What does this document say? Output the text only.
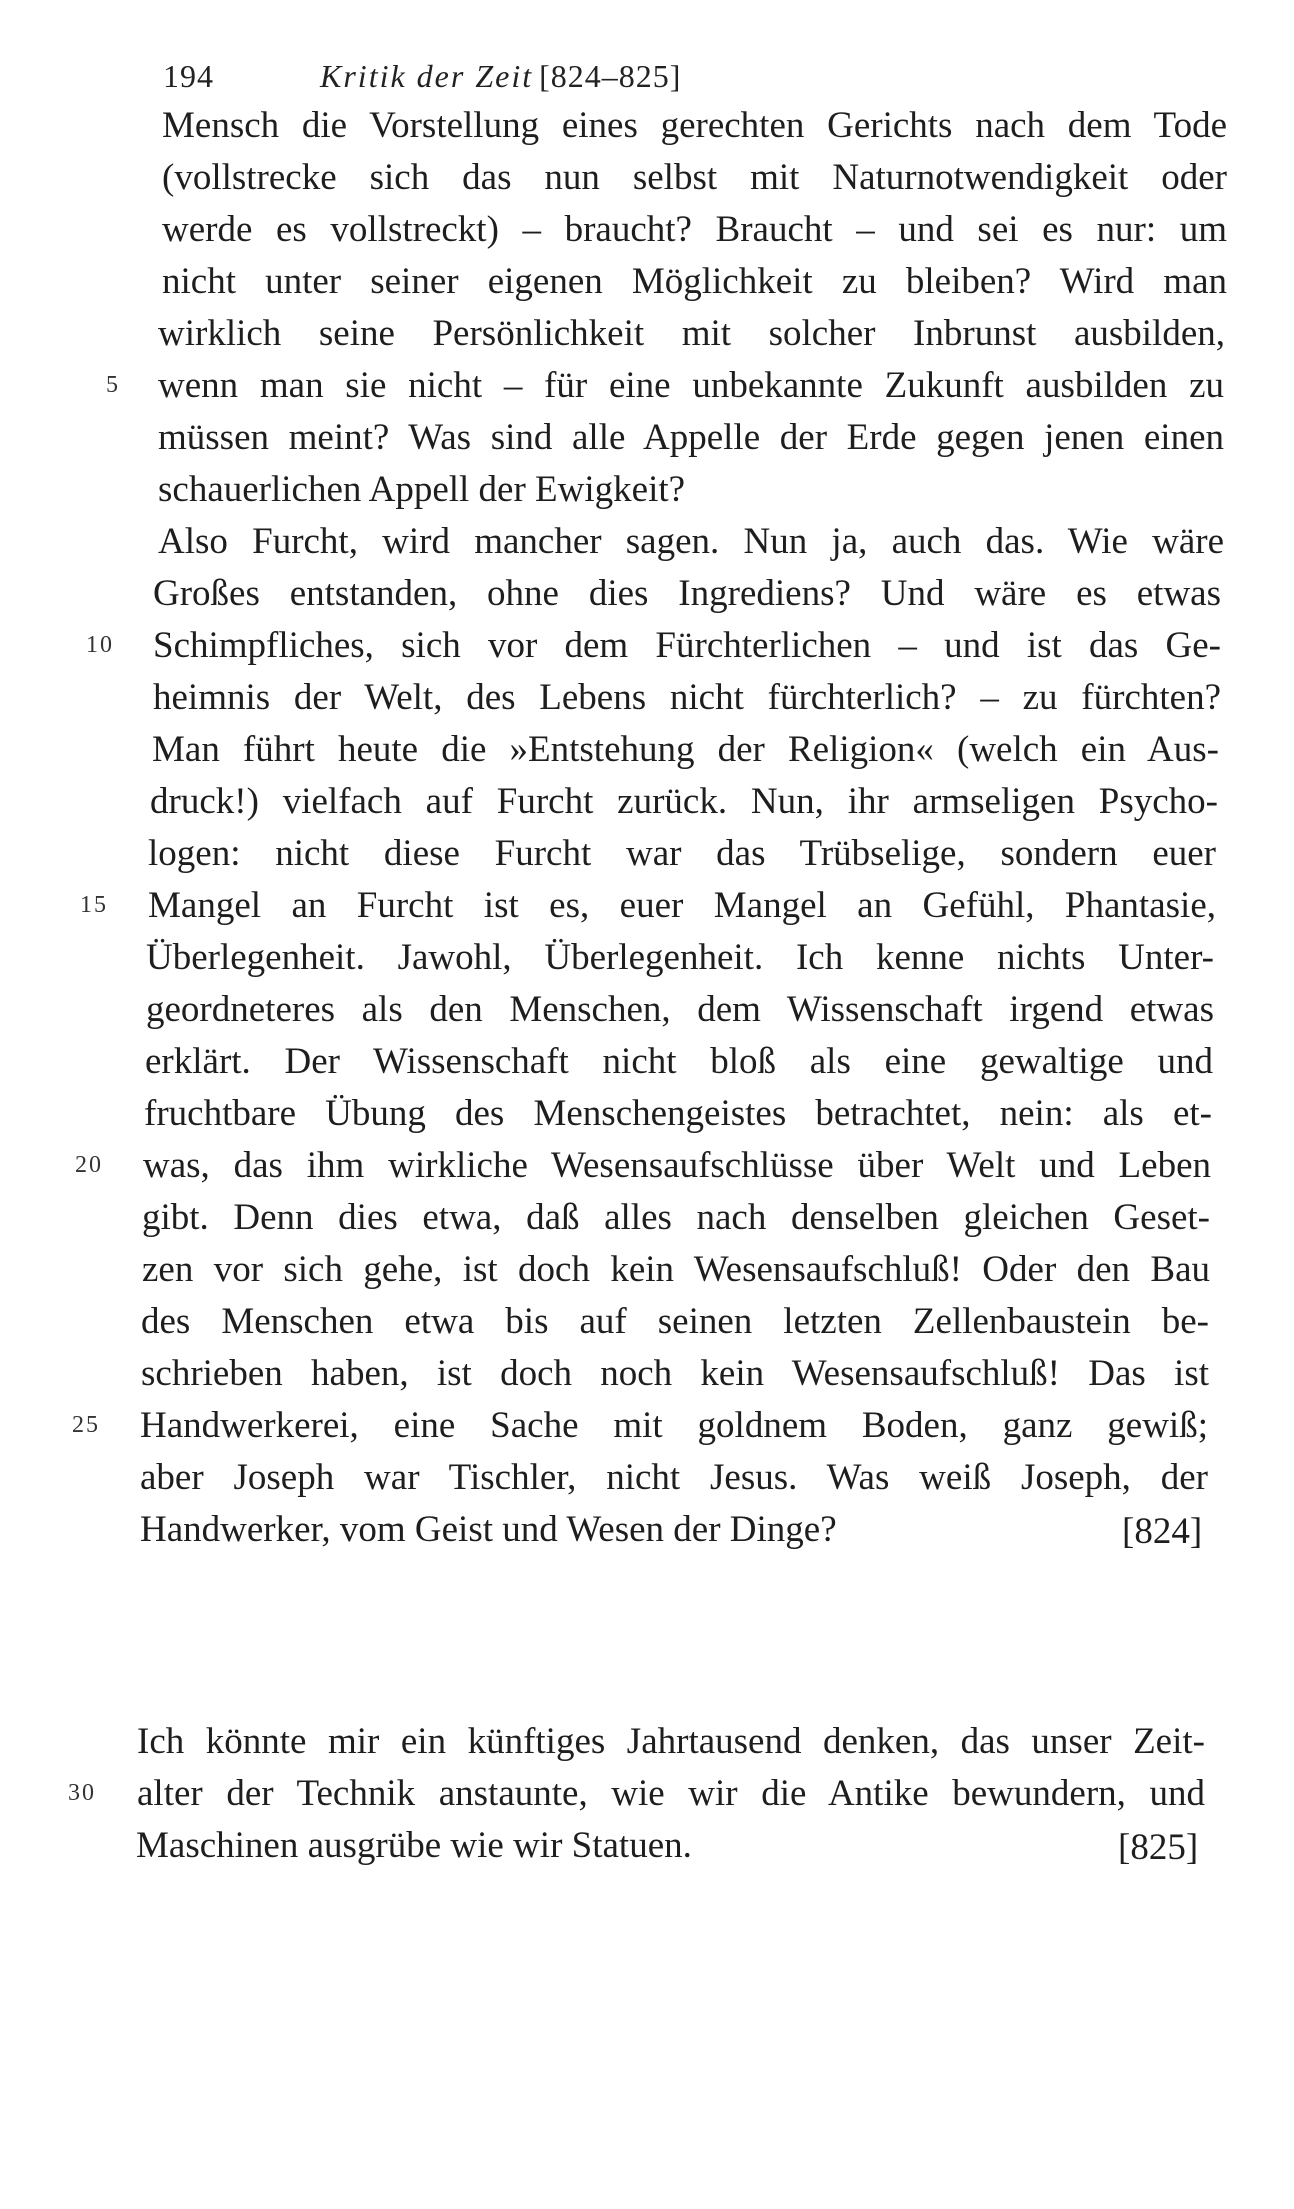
194	Kritik der Zeit [824–825]
Mensch die Vorstellung eines gerechten Gerichts nach dem Tode
(vollstrecke sich das nun selbst mit Naturnotwendigkeit oder
werde es vollstreckt) – braucht? Braucht – und sei es nur: um
nicht unter seiner eigenen Möglichkeit zu bleiben? Wird man
wirklich seine Persönlichkeit mit solcher Inbrunst ausbilden,
wenn man sie nicht – für eine unbekannte Zukunft ausbilden zu
müssen meint? Was sind alle Appelle der Erde gegen jenen einen
schauerlichen Appell der Ewigkeit?
Also Furcht, wird mancher sagen. Nun ja, auch das. Wie wäre
Großes entstanden, ohne dies Ingrediens? Und wäre es etwas
Schimpfliches, sich vor dem Fürchterlichen – und ist das Ge-
heimnis der Welt, des Lebens nicht fürchterlich? – zu fürchten?
Man führt heute die »Entstehung der Religion« (welch ein Aus-
druck!) vielfach auf Furcht zurück. Nun, ihr armseligen Psycho-
logen: nicht diese Furcht war das Trübselige, sondern euer
Mangel an Furcht ist es, euer Mangel an Gefühl, Phantasie,
Überlegenheit. Jawohl, Überlegenheit. Ich kenne nichts Unter-
geordneteres als den Menschen, dem Wissenschaft irgend etwas
erklärt. Der Wissenschaft nicht bloß als eine gewaltige und
fruchtbare Übung des Menschengeistes betrachtet, nein: als et-
was, das ihm wirkliche Wesensaufschlüsse über Welt und Leben
gibt. Denn dies etwa, daß alles nach denselben gleichen Geset-
zen vor sich gehe, ist doch kein Wesensaufschluß! Oder den Bau
des Menschen etwa bis auf seinen letzten Zellenbaustein be-
schrieben haben, ist doch noch kein Wesensaufschluß! Das ist
Handwerkerei, eine Sache mit goldnem Boden, ganz gewiß;
aber Joseph war Tischler, nicht Jesus. Was weiß Joseph, der
Handwerker, vom Geist und Wesen der Dinge?	[824]
Ich könnte mir ein künftiges Jahrtausend denken, das unser Zeit-
alter der Technik anstaunte, wie wir die Antike bewundern, und
Maschinen ausgrübe wie wir Statuen.	[825]
5
10
15
20
25
30
